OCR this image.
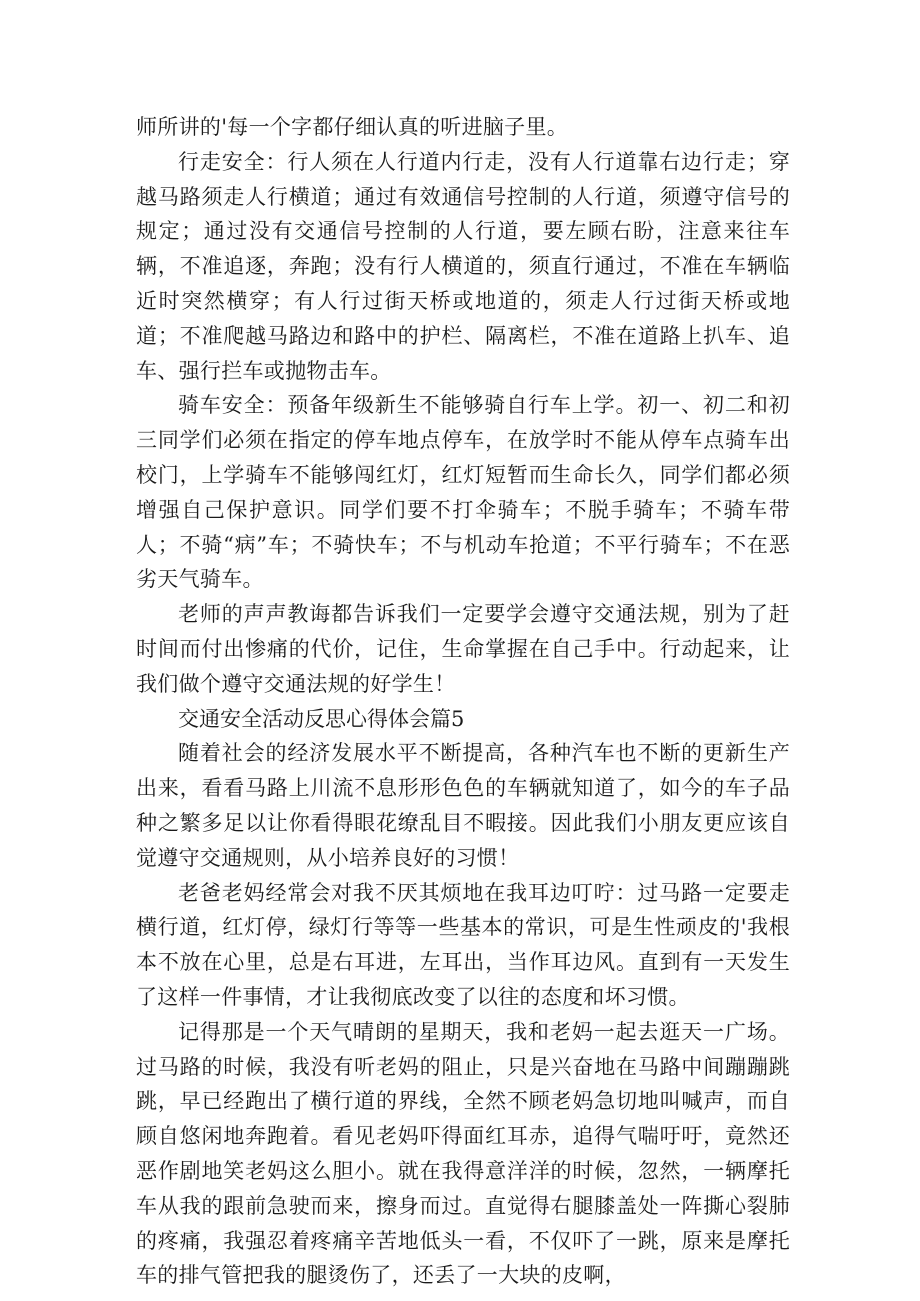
师所讲的'每一个字都仔细认真的听进脑子里。

行走安全：行人须在人行道内行走，没有人行道靠右边行走；穿越马路须走人行横道；通过有效通信号控制的人行道，须遵守信号的规定；通过没有交通信号控制的人行道，要左顾右盼，注意来往车辆，不准追逐，奔跑；没有行人横道的，须直行通过，不准在车辆临近时突然横穿；有人行过街天桥或地道的，须走人行过街天桥或地道；不准爬越马路边和路中的护栏、隔离栏，不准在道路上扒车、追车、强行拦车或抛物击车。

骑车安全：预备年级新生不能够骑自行车上学。初一、初二和初三同学们必须在指定的停车地点停车，在放学时不能从停车点骑车出校门，上学骑车不能够闯红灯，红灯短暂而生命长久，同学们都必须增强自己保护意识。同学们要不打伞骑车；不脱手骑车；不骑车带人；不骑“病”车；不骑快车；不与机动车抢道；不平行骑车；不在恶劣天气骑车。

老师的声声教诲都告诉我们一定要学会遵守交通法规，别为了赶时间而付出惨痛的代价，记住，生命掌握在自己手中。行动起来，让我们做个遵守交通法规的好学生！

交通安全活动反思心得体会篇5

随着社会的经济发展水平不断提高，各种汽车也不断的更新生产出来，看看马路上川流不息形形色色的车辆就知道了，如今的车子品种之繁多足以让你看得眼花缭乱目不暇接。因此我们小朋友更应该自觉遵守交通规则，从小培养良好的习惯！

老爸老妈经常会对我不厌其烦地在我耳边叮咛：过马路一定要走横行道，红灯停，绿灯行等等一些基本的常识，可是生性顽皮的'我根本不放在心里，总是右耳进，左耳出，当作耳边风。直到有一天发生了这样一件事情，才让我彻底改变了以往的态度和坏习惯。

记得那是一个天气晴朗的星期天，我和老妈一起去逛天一广场。过马路的时候，我没有听老妈的阻止，只是兴奋地在马路中间蹦蹦跳跳，早已经跑出了横行道的界线，全然不顾老妈急切地叫喊声，而自顾自悠闲地奔跑着。看见老妈吓得面红耳赤，追得气喘吁吁，竟然还恶作剧地笑老妈这么胆小。就在我得意洋洋的时候，忽然，一辆摩托车从我的跟前急驶而来，擦身而过。直觉得右腿膝盖处一阵撕心裂肺的疼痛，我强忍着疼痛辛苦地低头一看，不仅吓了一跳，原来是摩托车的排气管把我的腿烫伤了，还丢了一大块的皮啊，
